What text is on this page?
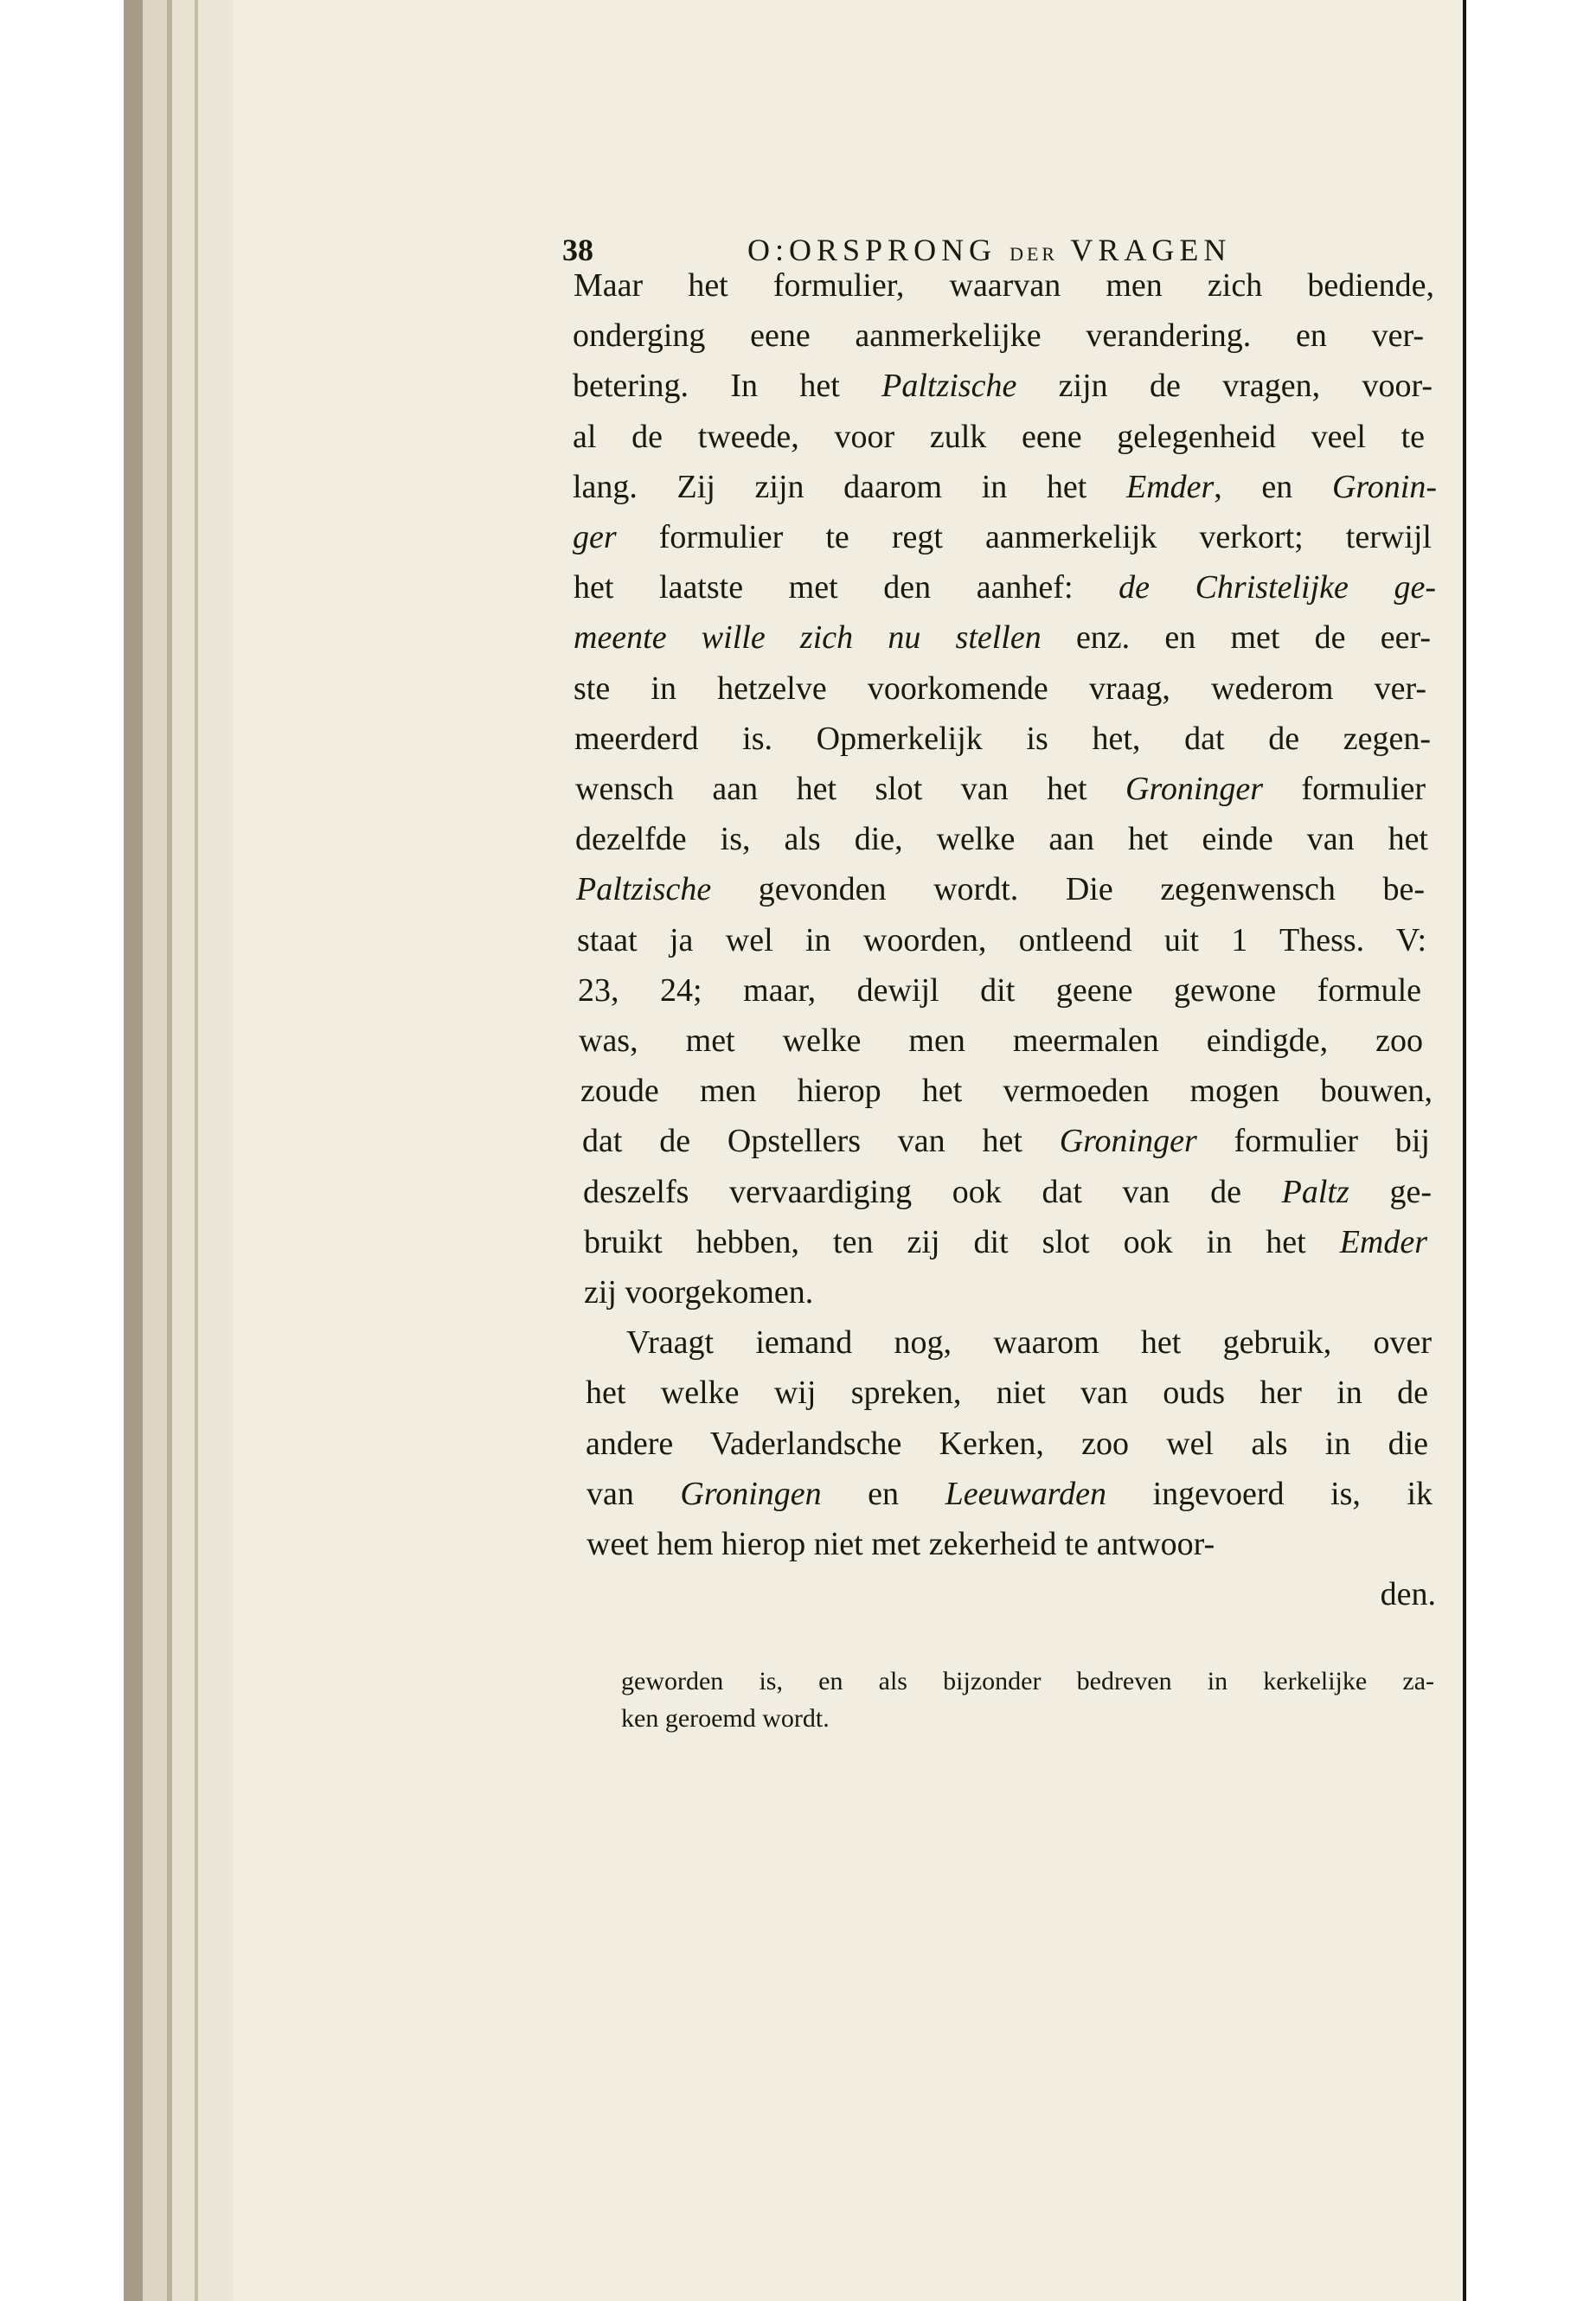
38	O:ORSPRONG DER VRAGEN
Maar het formulier, waarvan men zich bediende,
onderging eene aanmerkelijke verandering. en ver-
betering. In het Paltzische zijn de vragen, voor-
al de tweede, voor zulk eene gelegenheid veel te
lang. Zij zijn daarom in het Emder, en Gronin-
ger formulier te regt aanmerkelijk verkort; terwijl
het laatste met den aanhef: de Christelijke ge-
meente wille zich nu stellen enz. en met de eer-
ste in hetzelve voorkomende vraag, wederom ver-
meerderd is. Opmerkelijk is het, dat de zegen-
wensch aan het slot van het Groninger formulier
dezelfde is, als die, welke aan het einde van het
Paltzische gevonden wordt. Die zegenwensch be-
staat ja wel in woorden, ontleend uit 1 Thess. V:
23, 24; maar, dewijl dit geene gewone formule
was, met welke men meermalen eindigde, zoo
zoude men hierop het vermoeden mogen bouwen,
dat de Opstellers van het Groninger formulier bij
deszelfs vervaardiging ook dat van de Paltz ge-
bruikt hebben, ten zij dit slot ook in het Emder
zij voorgekomen.
Vraagt iemand nog, waarom het gebruik, over
het welke wij spreken, niet van ouds her in de
andere Vaderlandsche Kerken, zoo wel als in die
van Groningen en Leeuwarden ingevoerd is, ik
weet hem hierop niet met zekerheid te antwoor-
den.
geworden is, en als bijzonder bedreven in kerkelijke za-
ken geroemd wordt.
